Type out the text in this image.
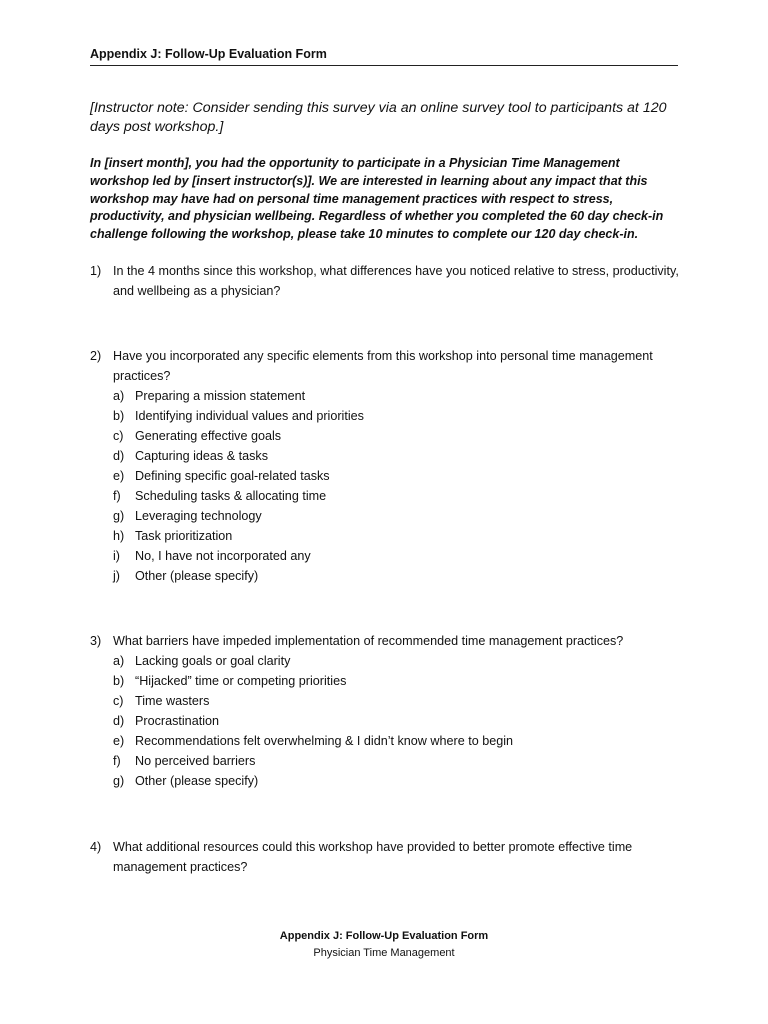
Appendix J: Follow-Up Evaluation Form
[Instructor note: Consider sending this survey via an online survey tool to participants at 120 days post workshop.]
In [insert month], you had the opportunity to participate in a Physician Time Management workshop led by [insert instructor(s)]. We are interested in learning about any impact that this workshop may have had on personal time management practices with respect to stress, productivity, and physician wellbeing. Regardless of whether you completed the 60 day check-in challenge following the workshop, please take 10 minutes to complete our 120 day check-in.
1) In the 4 months since this workshop, what differences have you noticed relative to stress, productivity, and wellbeing as a physician?
2) Have you incorporated any specific elements from this workshop into personal time management practices?
a) Preparing a mission statement
b) Identifying individual values and priorities
c) Generating effective goals
d) Capturing ideas & tasks
e) Defining specific goal-related tasks
f)	Scheduling tasks & allocating time
g) Leveraging technology
h) Task prioritization
i)	No, I have not incorporated any
j)	Other (please specify)
3) What barriers have impeded implementation of recommended time management practices?
a) Lacking goals or goal clarity
b) “Hijacked” time or competing priorities
c) Time wasters
d) Procrastination
e) Recommendations felt overwhelming & I didn’t know where to begin
f)	No perceived barriers
g) Other (please specify)
4) What additional resources could this workshop have provided to better promote effective time management practices?
Appendix J: Follow-Up Evaluation Form
Physician Time Management
